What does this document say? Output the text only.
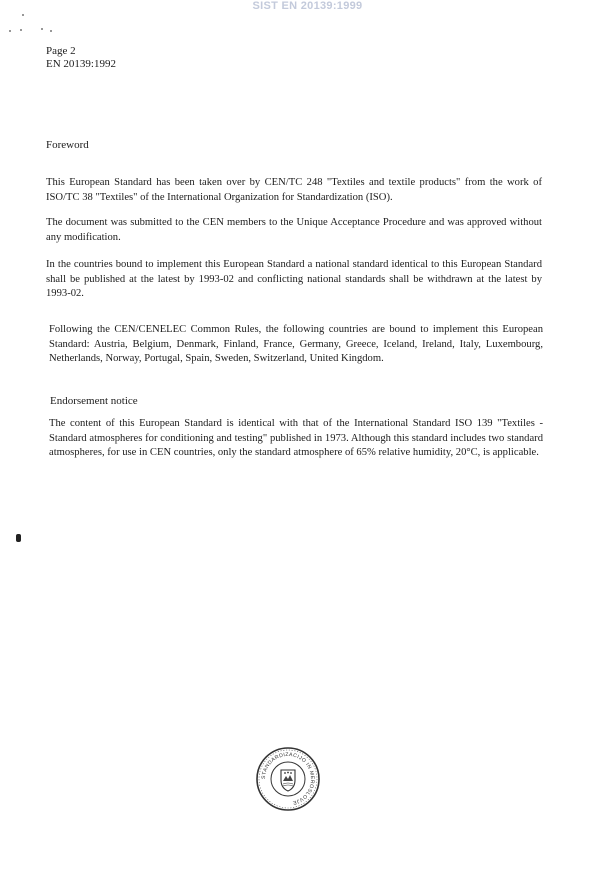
SIST EN 20139:1999
Page 2
EN 20139:1992
Foreword

This European Standard has been taken over by CEN/TC 248 "Textiles and textile products" from the work of ISO/TC 38 "Textiles" of the International Organization for Standardization (ISO).

The document was submitted to the CEN members to the Unique Acceptance Procedure and was approved without any modification.

In the countries bound to implement this European Standard a national standard identical to this European Standard shall be published at the latest by 1993-02 and conflicting national standards shall be withdrawn at the latest by 1993-02.

Following the CEN/CENELEC Common Rules, the following countries are bound to implement this European Standard: Austria, Belgium, Denmark, Finland, France, Germany, Greece, Iceland, Ireland, Italy, Luxembourg, Netherlands, Norway, Portugal, Spain, Sweden, Switzerland, United Kingdom.

Endorsement notice

The content of this European Standard is identical with that of the International Standard ISO 139 "Textiles - Standard atmospheres for conditioning and testing" published in 1973. Although this standard includes two standard atmospheres, for use in CEN countries, only the standard atmosphere of 65% relative humidity, 20°C, is applicable.

STANDARDIZACIJO IN MEROSLOVJE
